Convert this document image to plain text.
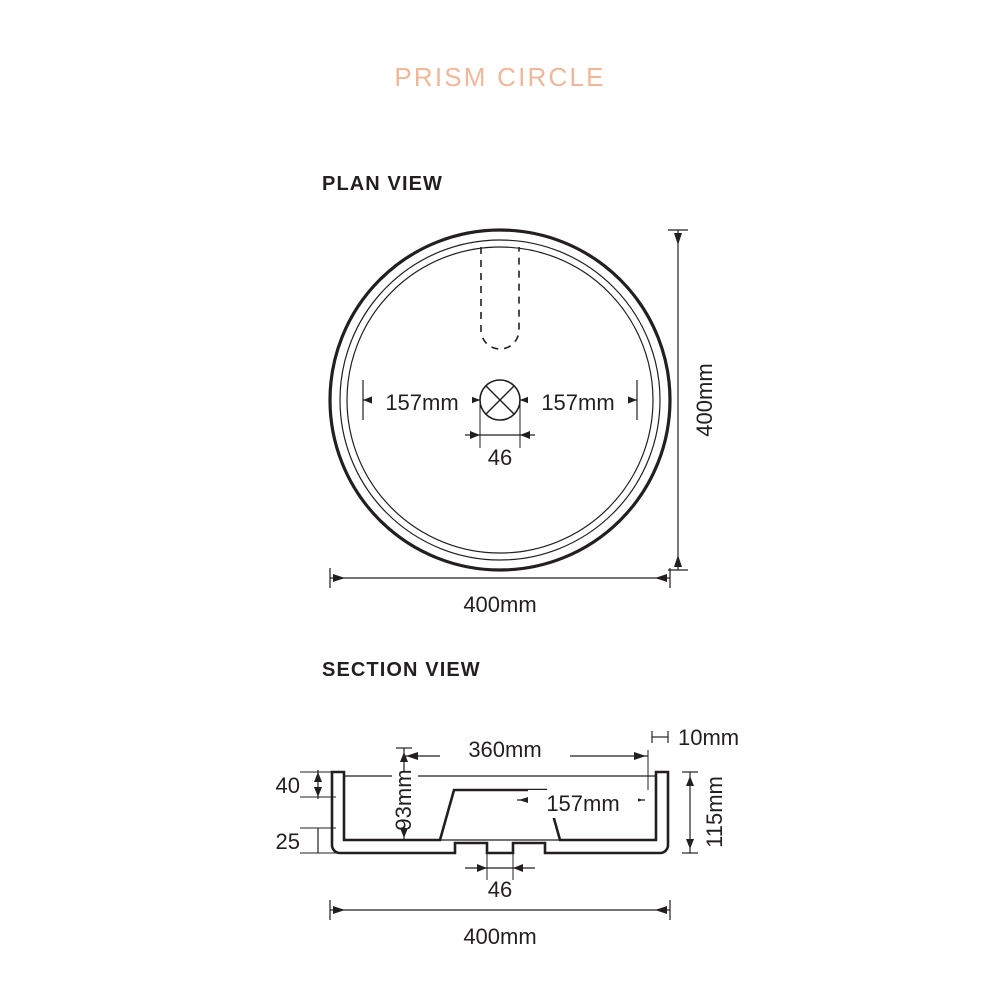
PRISM CIRCLE
PLAN VIEW
SECTION VIEW
157mm	157mm
46
400mm
400mm
40
25
93mm
360mm	10mm
157mm	115mm
46
400mm
